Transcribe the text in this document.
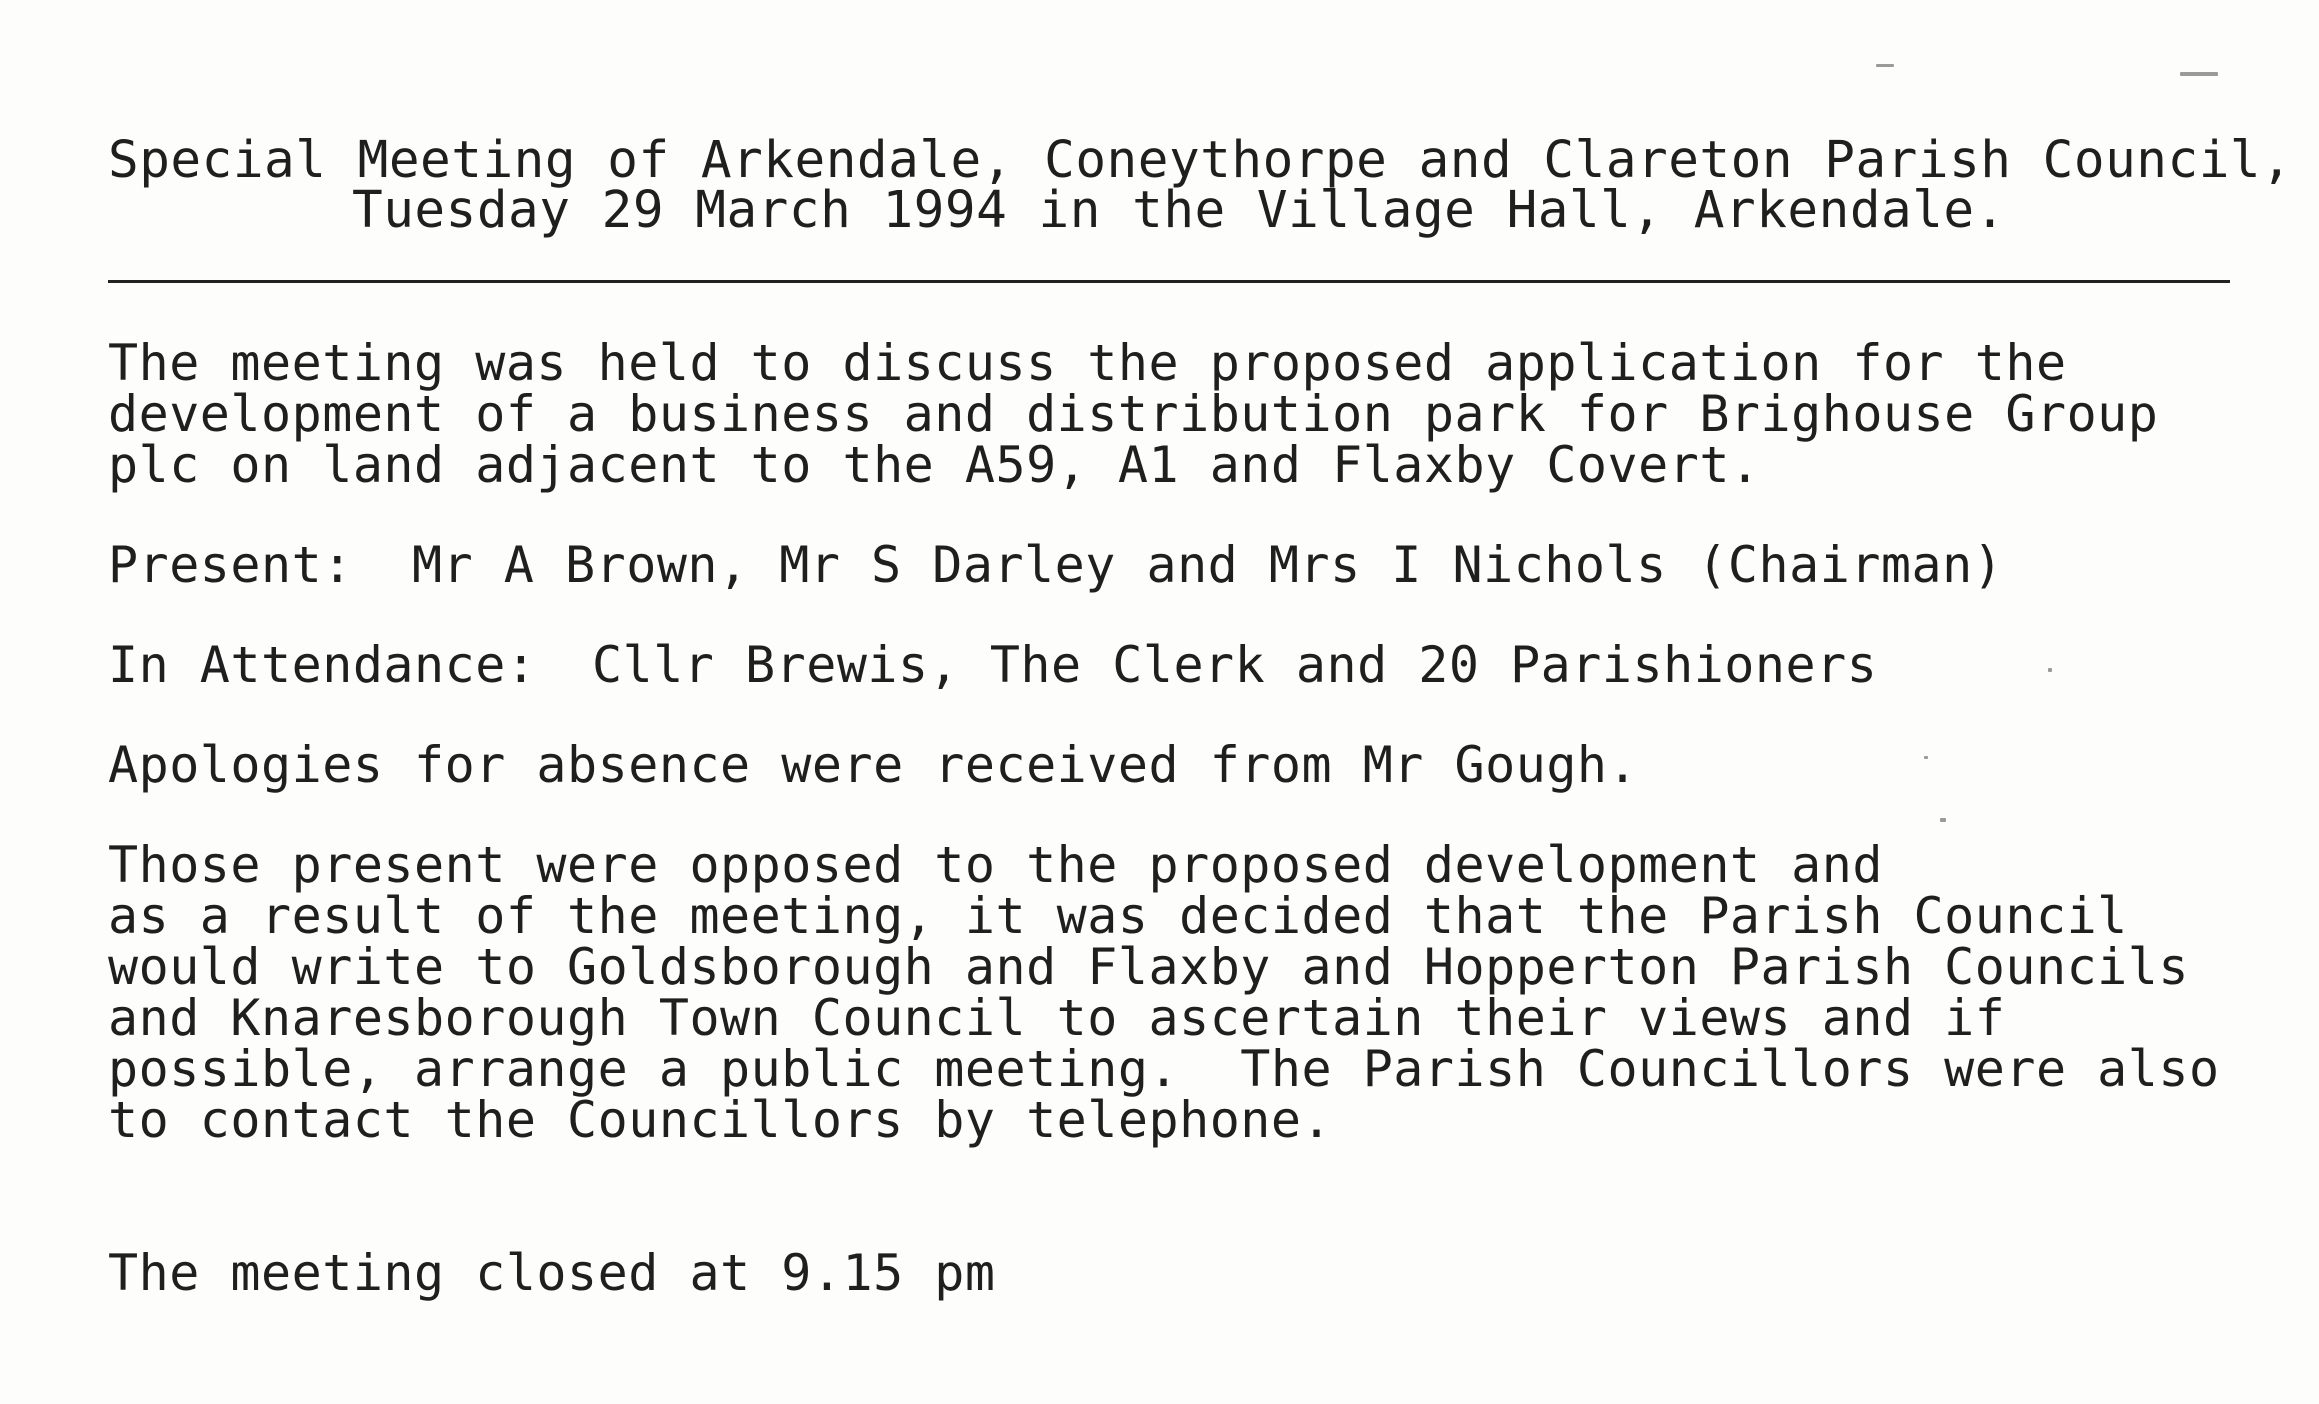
Special Meeting of Arkendale, Coneythorpe and Clareton Parish Council,
Tuesday 29 March 1994 in the Village Hall, Arkendale.
The meeting was held to discuss the proposed application for the
development of a business and distribution park for Brighouse Group
plc on land adjacent to the A59, A1 and Flaxby Covert.
Present: Mr A Brown, Mr S Darley and Mrs I Nichols (Chairman)
In Attendance: Cllr Brewis, The Clerk and 20 Parishioners
Apologies for absence were received from Mr Gough.
Those present were opposed to the proposed development and
as a result of the meeting, it was decided that the Parish Council
would write to Goldsborough and Flaxby and Hopperton Parish Councils
and Knaresborough Town Council to ascertain their views and if
possible, arrange a public meeting.  The Parish Councillors were also
to contact the Councillors by telephone.
The meeting closed at 9.15 pm
